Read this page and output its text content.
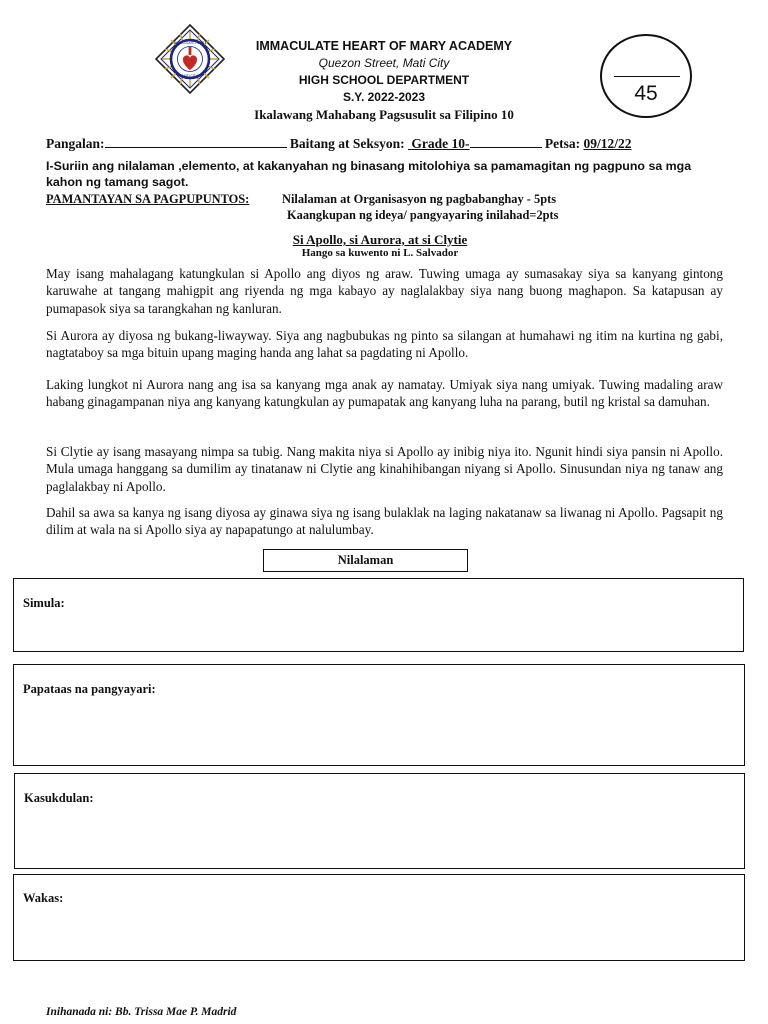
IMMACULATE HEART
MATI CITY
IMMACULATE HEART OF MARY ACADEMY
Quezon Street, Mati City
HIGH SCHOOL DEPARTMENT
S.Y. 2022-2023
Ikalawang Mahabang Pagsusulit sa Filipino 10
45
Pangalan:	Baitang at Seksyon: Grade 10-	Petsa: 09/12/22
I-Suriin ang nilalaman ,elemento, at kakanyahan ng binasang mitolohiya sa pamamagitan ng pagpuno sa mga kahon ng tamang sagot.
PAMANTAYAN SA PAGPUPUNTOS:	Nilalaman at Organisasyon ng pagbabanghay - 5pts
Kaangkupan ng ideya/ pangyayaring inilahad=2pts
Si Apollo, si Aurora, at si Clytie
Hango sa kuwento ni L. Salvador
May isang mahalagang katungkulan si Apollo ang diyos ng araw. Tuwing umaga ay sumasakay siya sa kanyang gintong karuwahe at tangang mahigpit ang riyenda ng mga kabayo ay naglalakbay siya nang buong maghapon. Sa katapusan ay pumapasok siya sa tarangkahan ng kanluran.
Si Aurora ay diyosa ng bukang-liwayway. Siya ang nagbubukas ng pinto sa silangan at humahawi ng itim na kurtina ng gabi, nagtataboy sa mga bituin upang maging handa ang lahat sa pagdating ni Apollo.
Laking lungkot ni Aurora nang ang isa sa kanyang mga anak ay namatay. Umiyak siya nang umiyak. Tuwing madaling araw habang ginagampanan niya ang kanyang katungkulan ay pumapatak ang kanyang luha na parang, butil ng kristal sa damuhan.
Si Clytie ay isang masayang nimpa sa tubig. Nang makita niya si Apollo ay inibig niya ito. Ngunit hindi siya pansin ni Apollo. Mula umaga hanggang sa dumilim ay tinatanaw ni Clytie ang kinahihibangan niyang si Apollo. Sinusundan niya ng tanaw ang paglalakbay ni Apollo.
Dahil sa awa sa kanya ng isang diyosa ay ginawa siya ng isang bulaklak na laging nakatanaw sa liwanag ni Apollo. Pagsapit ng dilim at wala na si Apollo siya ay napapatungo at nalulumbay.
Nilalaman
Simula:
Papataas na pangyayari:
Kasukdulan:
Wakas:
Inihanada ni: Bb. Trissa Mae P. Madrid
